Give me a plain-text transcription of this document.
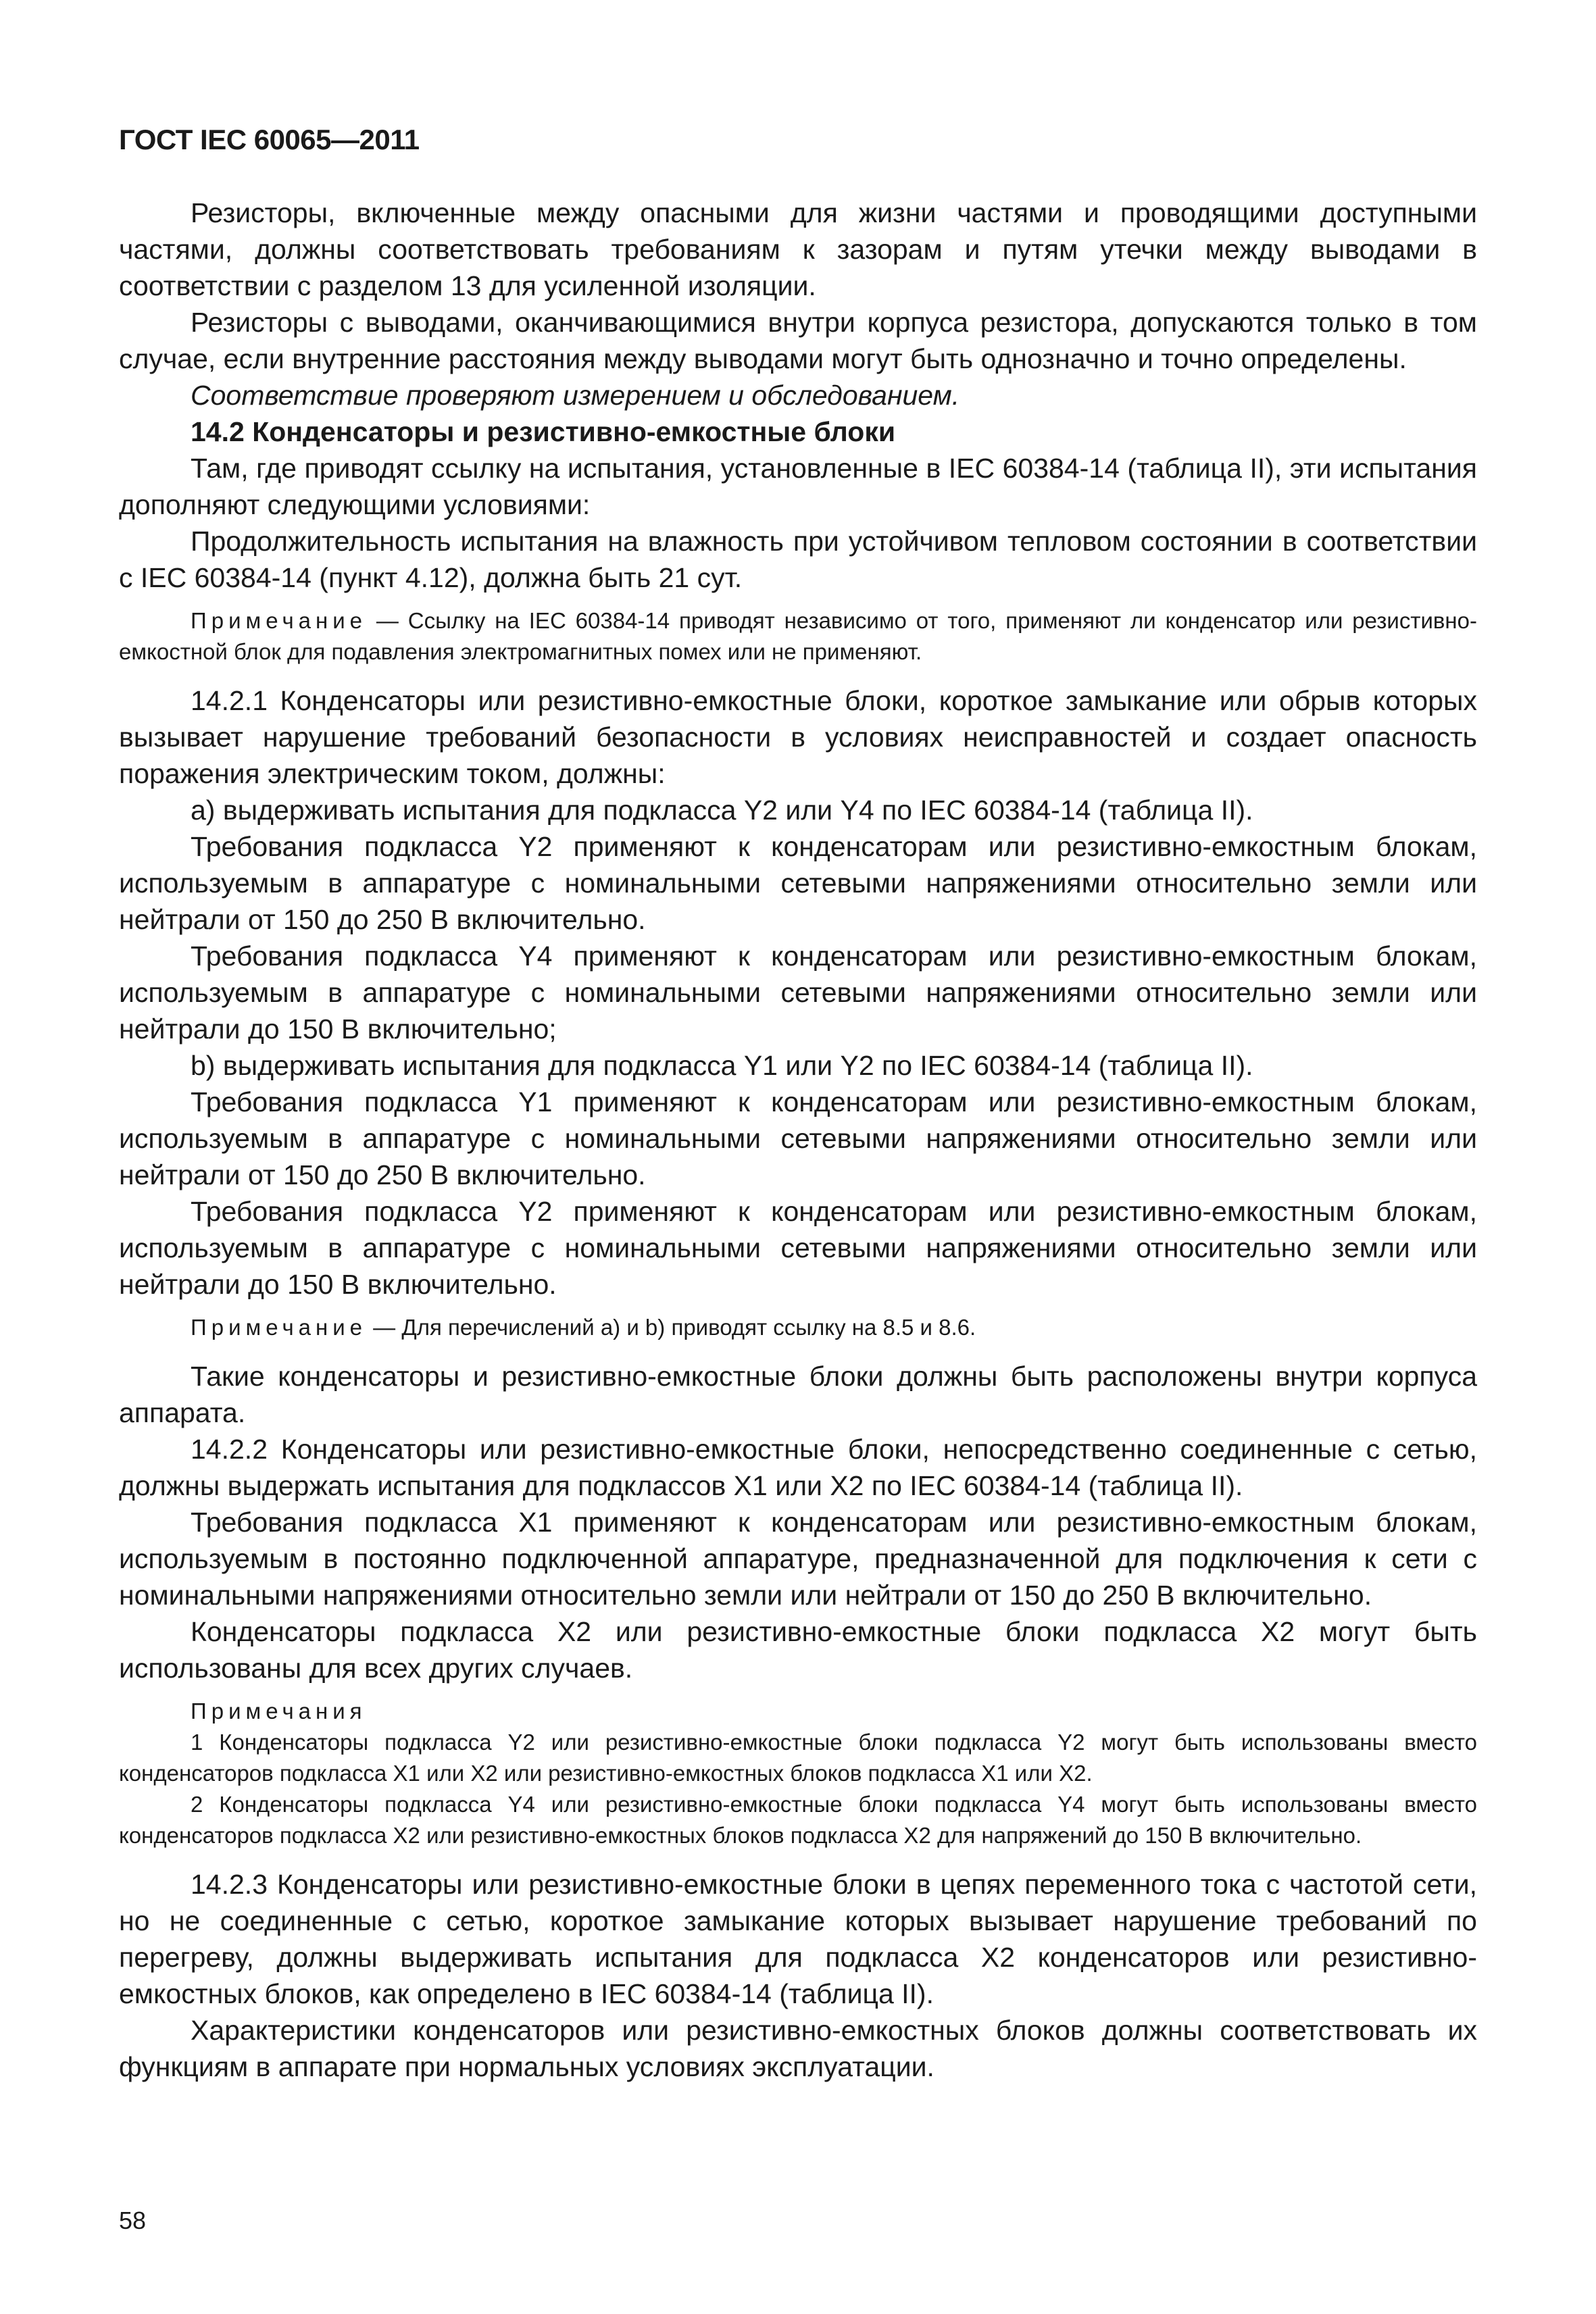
ГОСТ IEC 60065—2011

Резисторы, включенные между опасными для жизни частями и проводящими доступными частями, должны соответствовать требованиям к зазорам и путям утечки между выводами в соответствии с разделом 13 для усиленной изоляции.

Резисторы с выводами, оканчивающимися внутри корпуса резистора, допускаются только в том случае, если внутренние расстояния между выводами могут быть однозначно и точно определены.

Соответствие проверяют измерением и обследованием.

14.2 Конденсаторы и резистивно-емкостные блоки

Там, где приводят ссылку на испытания, установленные в IEC 60384-14 (таблица II), эти испытания дополняют следующими условиями:

Продолжительность испытания на влажность при устойчивом тепловом состоянии в соответствии с IEC 60384-14 (пункт 4.12), должна быть 21 сут.

Примечание — Ссылку на IEC 60384-14 приводят независимо от того, применяют ли конденсатор или резистивно-емкостной блок для подавления электромагнитных помех или не применяют.

14.2.1 Конденсаторы или резистивно-емкостные блоки, короткое замыкание или обрыв которых вызывает нарушение требований безопасности в условиях неисправностей и создает опасность поражения электрическим током, должны:

a) выдерживать испытания для подкласса Y2 или Y4 по IEC 60384-14 (таблица II).

Требования подкласса Y2 применяют к конденсаторам или резистивно-емкостным блокам, используемым в аппаратуре с номинальными сетевыми напряжениями относительно земли или нейтрали от 150 до 250 В включительно.

Требования подкласса Y4 применяют к конденсаторам или резистивно-емкостным блокам, используемым в аппаратуре с номинальными сетевыми напряжениями относительно земли или нейтрали до 150 В включительно;

b) выдерживать испытания для подкласса Y1 или Y2 по IEC 60384-14 (таблица II).

Требования подкласса Y1 применяют к конденсаторам или резистивно-емкостным блокам, используемым в аппаратуре с номинальными сетевыми напряжениями относительно земли или нейтрали от 150 до 250 В включительно.

Требования подкласса Y2 применяют к конденсаторам или резистивно-емкостным блокам, используемым в аппаратуре с номинальными сетевыми напряжениями относительно земли или нейтрали до 150 В включительно.

Примечание — Для перечислений а) и b) приводят ссылку на 8.5 и 8.6.

Такие конденсаторы и резистивно-емкостные блоки должны быть расположены внутри корпуса аппарата.

14.2.2 Конденсаторы или резистивно-емкостные блоки, непосредственно соединенные с сетью, должны выдержать испытания для подклассов X1 или X2 по IEC 60384-14 (таблица II).

Требования подкласса X1 применяют к конденсаторам или резистивно-емкостным блокам, используемым в постоянно подключенной аппаратуре, предназначенной для подключения к сети с номинальными напряжениями относительно земли или нейтрали от 150 до 250 В включительно.

Конденсаторы подкласса X2 или резистивно-емкостные блоки подкласса X2 могут быть использованы для всех других случаев.

Примечания

1 Конденсаторы подкласса Y2 или резистивно-емкостные блоки подкласса Y2 могут быть использованы вместо конденсаторов подкласса X1 или X2 или резистивно-емкостных блоков подкласса X1 или X2.

2 Конденсаторы подкласса Y4 или резистивно-емкостные блоки подкласса Y4 могут быть использованы вместо конденсаторов подкласса X2 или резистивно-емкостных блоков подкласса X2 для напряжений до 150 В включительно.

14.2.3 Конденсаторы или резистивно-емкостные блоки в цепях переменного тока с частотой сети, но не соединенные с сетью, короткое замыкание которых вызывает нарушение требований по перегреву, должны выдерживать испытания для подкласса X2 конденсаторов или резистивно-емкостных блоков, как определено в IEC 60384-14 (таблица II).

Характеристики конденсаторов или резистивно-емкостных блоков должны соответствовать их функциям в аппарате при нормальных условиях эксплуатации.

58
